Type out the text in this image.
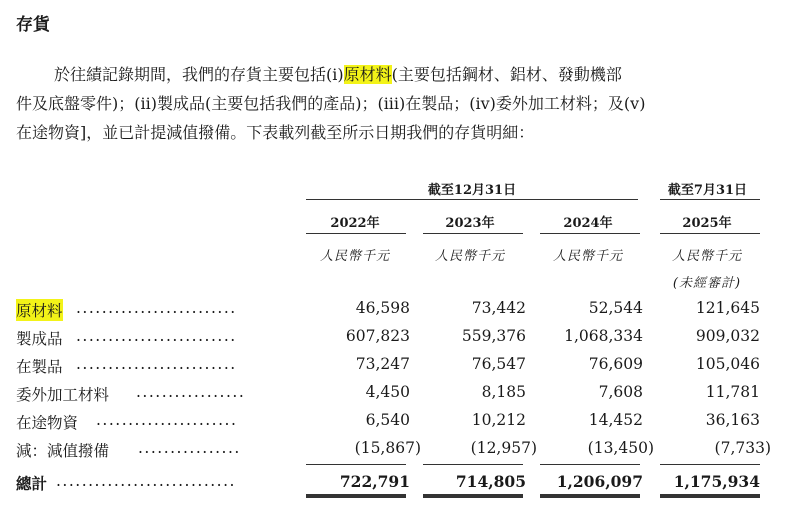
存貨
於往績記錄期間，我們的存貨主要包括(i)原材料(主要包括鋼材、鋁材、發動機部
件及底盤零件)；(ii)製成品(主要包括我們的產品)；(iii)在製品；(iv)委外加工材料；及(v)
在途物資]，並已計提減值撥備。下表載列截至所示日期我們的存貨明細：
截至12月31日	截至7月31日
2022年	2023年	2024年	2025年
人民幣千元	人民幣千元	人民幣千元	人民幣千元
(未經審計)
原材料 .........................	46,598	73,442	52,544	121,645
製成品 .........................	607,823	559,376	1,068,334	909,032
在製品 .........................	73,247	76,547	76,609	105,046
委外加工材料 .................	4,450	8,185	7,608	11,781
在途物資 ......................	6,540	10,212	14,452	36,163
減：減值撥備 ................	(15,867)	(12,957)	(13,450)	(7,733)
總計 ............................	722,791	714,805	1,206,097	1,175,934
